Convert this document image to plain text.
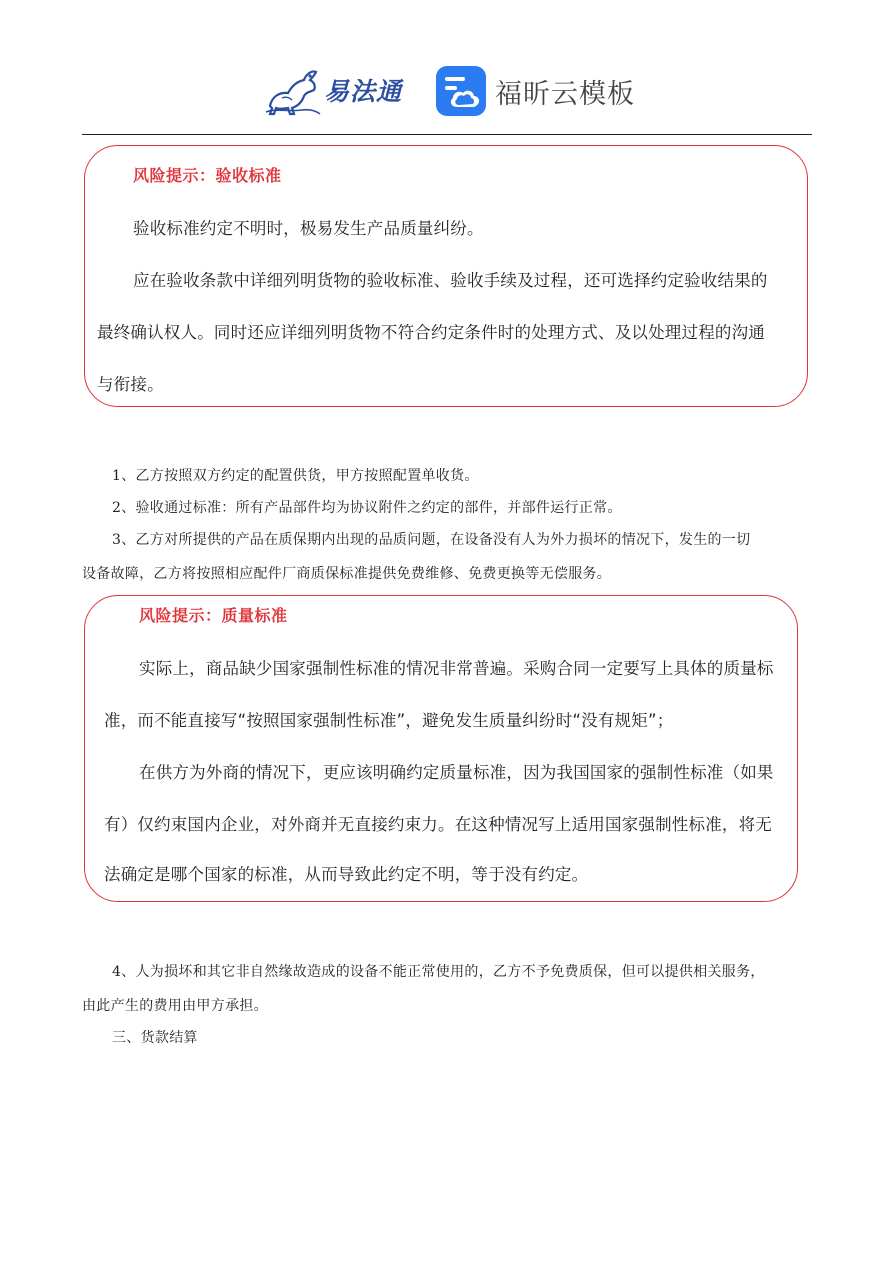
易法通	福昕云模板
风险提示：验收标准
验收标准约定不明时，极易发生产品质量纠纷。
应在验收条款中详细列明货物的验收标准、验收手续及过程，还可选择约定验收结果的
最终确认权人。同时还应详细列明货物不符合约定条件时的处理方式、及以处理过程的沟通
与衔接。
1、乙方按照双方约定的配置供货，甲方按照配置单收货。
2、验收通过标准：所有产品部件均为协议附件之约定的部件，并部件运行正常。
3、乙方对所提供的产品在质保期内出现的品质问题，在设备没有人为外力损坏的情况下，发生的一切
设备故障，乙方将按照相应配件厂商质保标准提供免费维修、免费更换等无偿服务。
风险提示：质量标准
实际上，商品缺少国家强制性标准的情况非常普遍。采购合同一定要写上具体的质量标
准，而不能直接写“按照国家强制性标准”，避免发生质量纠纷时“没有规矩”；
在供方为外商的情况下，更应该明确约定质量标准，因为我国国家的强制性标准（如果
有）仅约束国内企业，对外商并无直接约束力。在这种情况写上适用国家强制性标准，将无
法确定是哪个国家的标准，从而导致此约定不明，等于没有约定。
4、人为损坏和其它非自然缘故造成的设备不能正常使用的，乙方不予免费质保，但可以提供相关服务，
由此产生的费用由甲方承担。
三、货款结算
